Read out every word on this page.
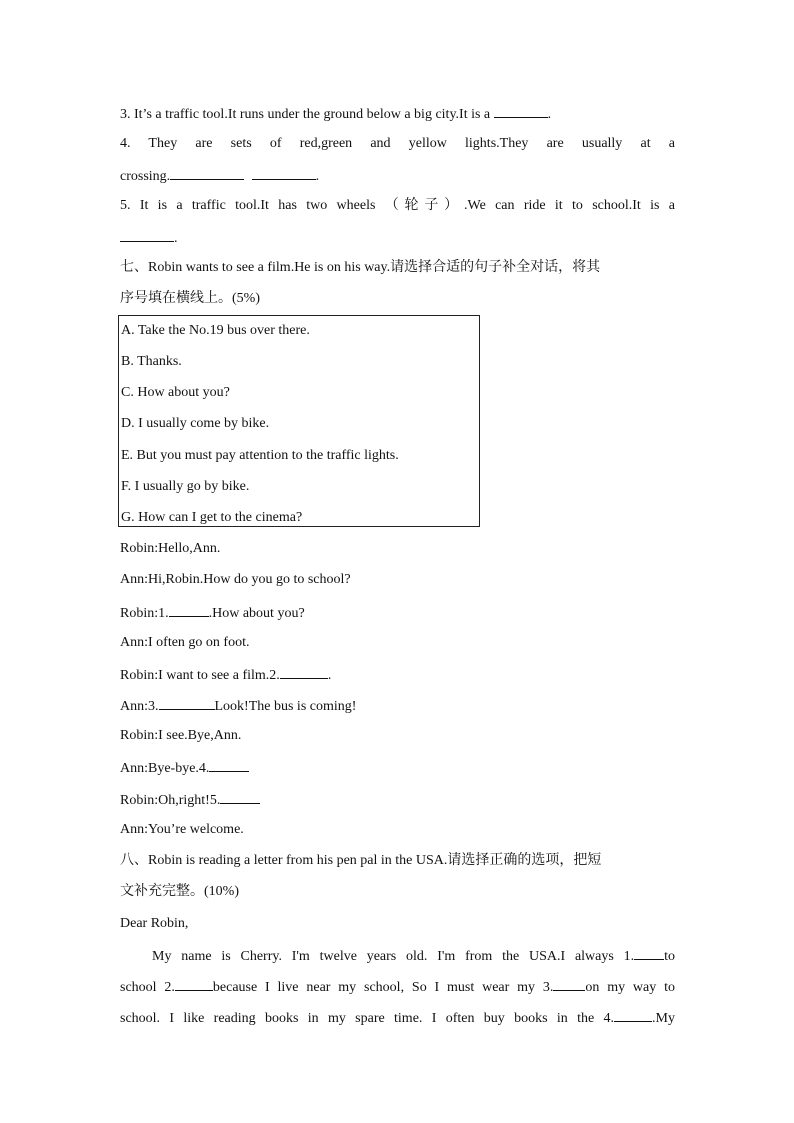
3. It’s a traffic tool.It runs under the ground below a big city.It is a	.
4. They are sets of red,green and yellow lights.They are usually at a
crossing.	.
5. It is a traffic tool.It has two wheels （轮子）.We can ride it to school.It is a
.
七、Robin wants to see a film.He is on his way.请选择合适的句子补全对话，将其
序号填在横线上。(5%)
A. Take the No.19 bus over there.
B. Thanks.
C. How about you?
D. I usually come by bike.
E. But you must pay attention to the traffic lights.
F. I usually go by bike.
G. How can I get to the cinema?
Robin:Hello,Ann.
Ann:Hi,Robin.How do you go to school?
Robin:1.	.How about you?
Ann:I often go on foot.
Robin:I want to see a film.2.	.
Ann:3.	Look!The bus is coming!
Robin:I see.Bye,Ann.
Ann:Bye-bye.4.
Robin:Oh,right!5.
Ann:You’re welcome.
八、Robin is reading a letter from his pen pal in the USA.请选择正确的选项，把短
文补充完整。(10%)
Dear Robin,
My name is Cherry. I'm twelve years old. I'm from the USA.I always 1. to
school 2.	because I live near my school, So I must wear my 3. on my way to
school. I like reading books in my spare time. I often buy books in the 4.	.My
